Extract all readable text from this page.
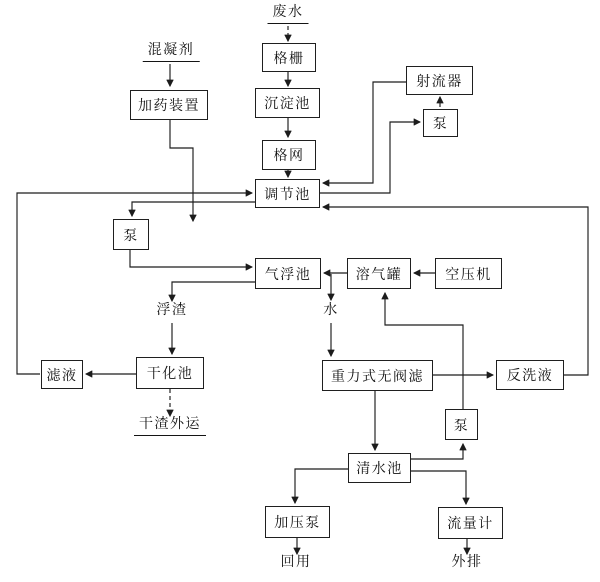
格栅
沉淀池
格网
加药装置
射流器
泵
调节池
泵
气浮池	溶气罐	空压机
滤液	干化池	重力式无阀滤	反洗液
泵
清水池
加压泵	流量计
废水
混凝剂
浮渣	水
干渣外运
回用	外排
